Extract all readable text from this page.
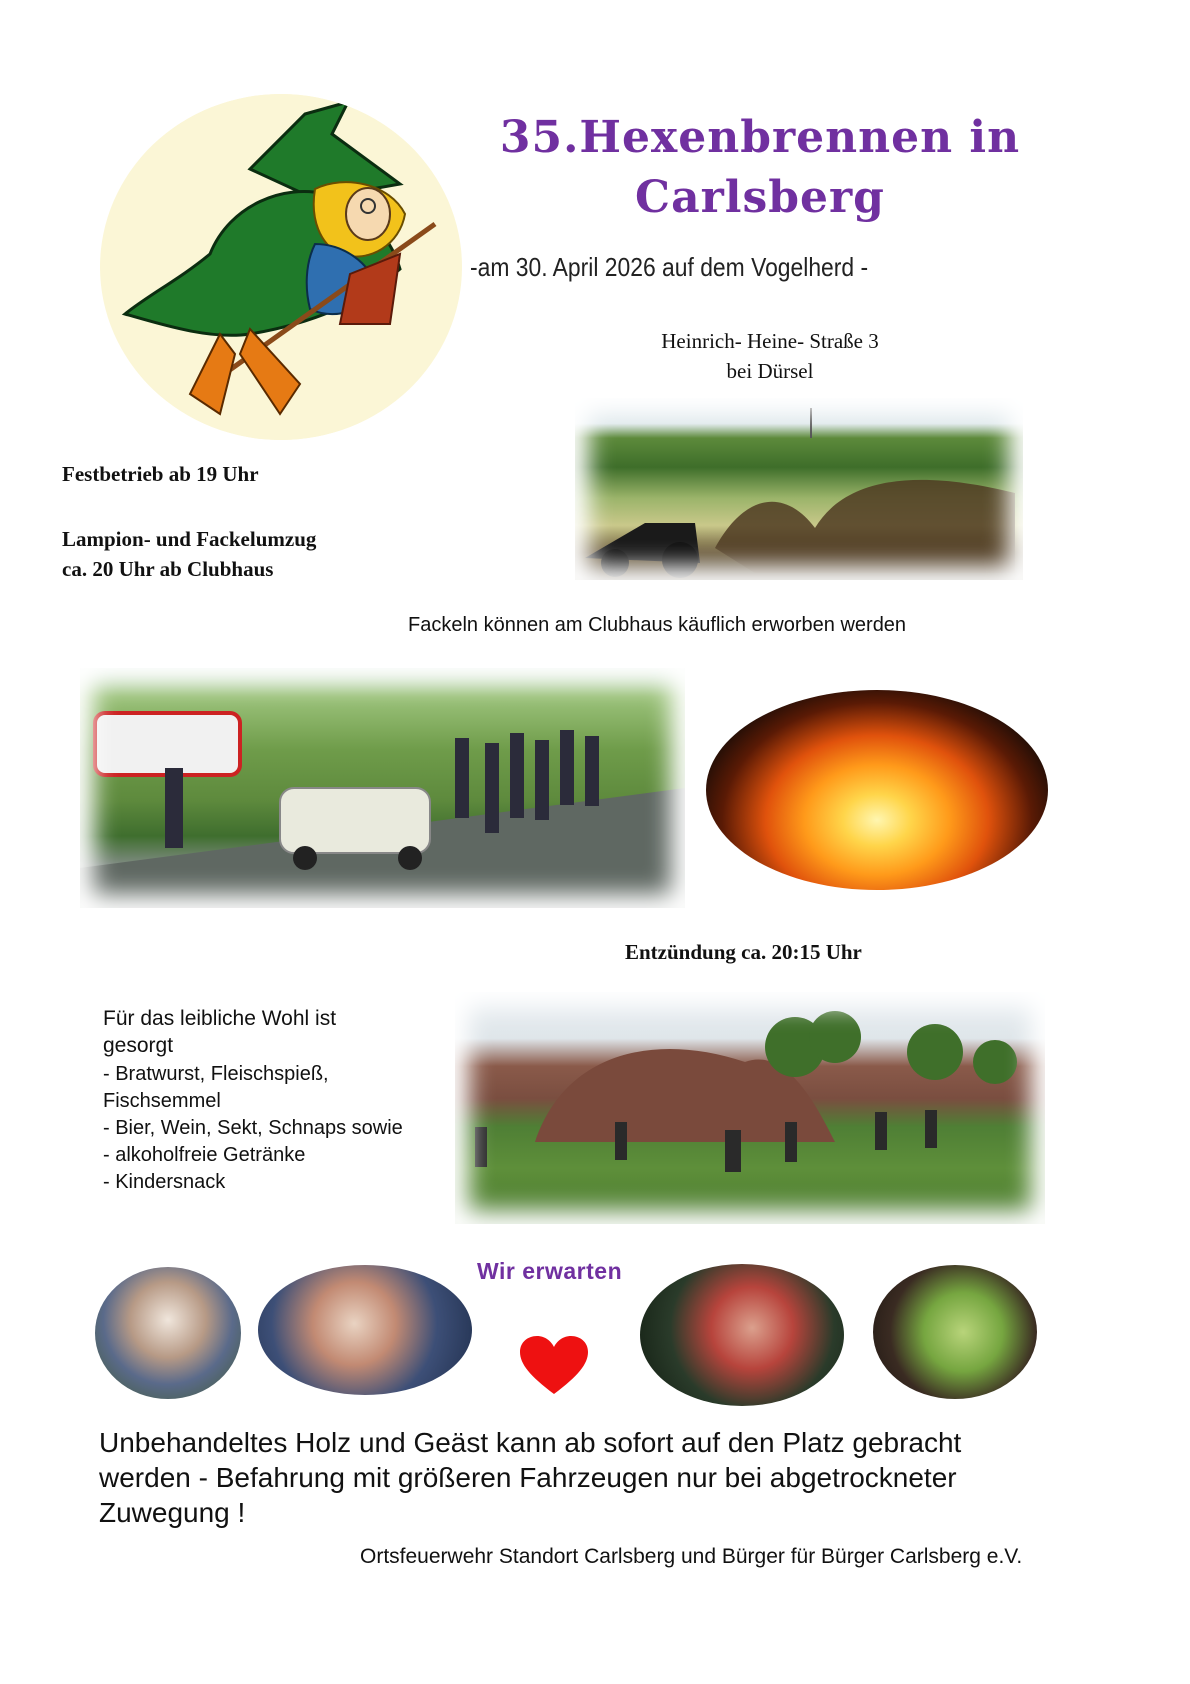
35.Hexenbrennen in
Carlsberg
-am 30. April 2026 auf dem Vogelherd -
Heinrich- Heine- Straße 3
bei Dürsel
Festbetrieb ab 19 Uhr
Lampion- und Fackelumzug
ca. 20 Uhr ab Clubhaus
Fackeln können am Clubhaus käuflich erworben werden
Entzündung ca. 20:15 Uhr
Für das leibliche Wohl ist gesorgt
- Bratwurst, Fleischspieß, Fischsemmel
- Bier, Wein, Sekt, Schnaps sowie
- alkoholfreie Getränke
- Kindersnack
Wir erwarten
Unbehandeltes Holz und Geäst kann ab sofort auf den Platz gebracht werden - Befahrung mit größeren Fahrzeugen nur bei abgetrockneter Zuwegung !
Ortsfeuerwehr Standort Carlsberg und Bürger für Bürger Carlsberg e.V.
